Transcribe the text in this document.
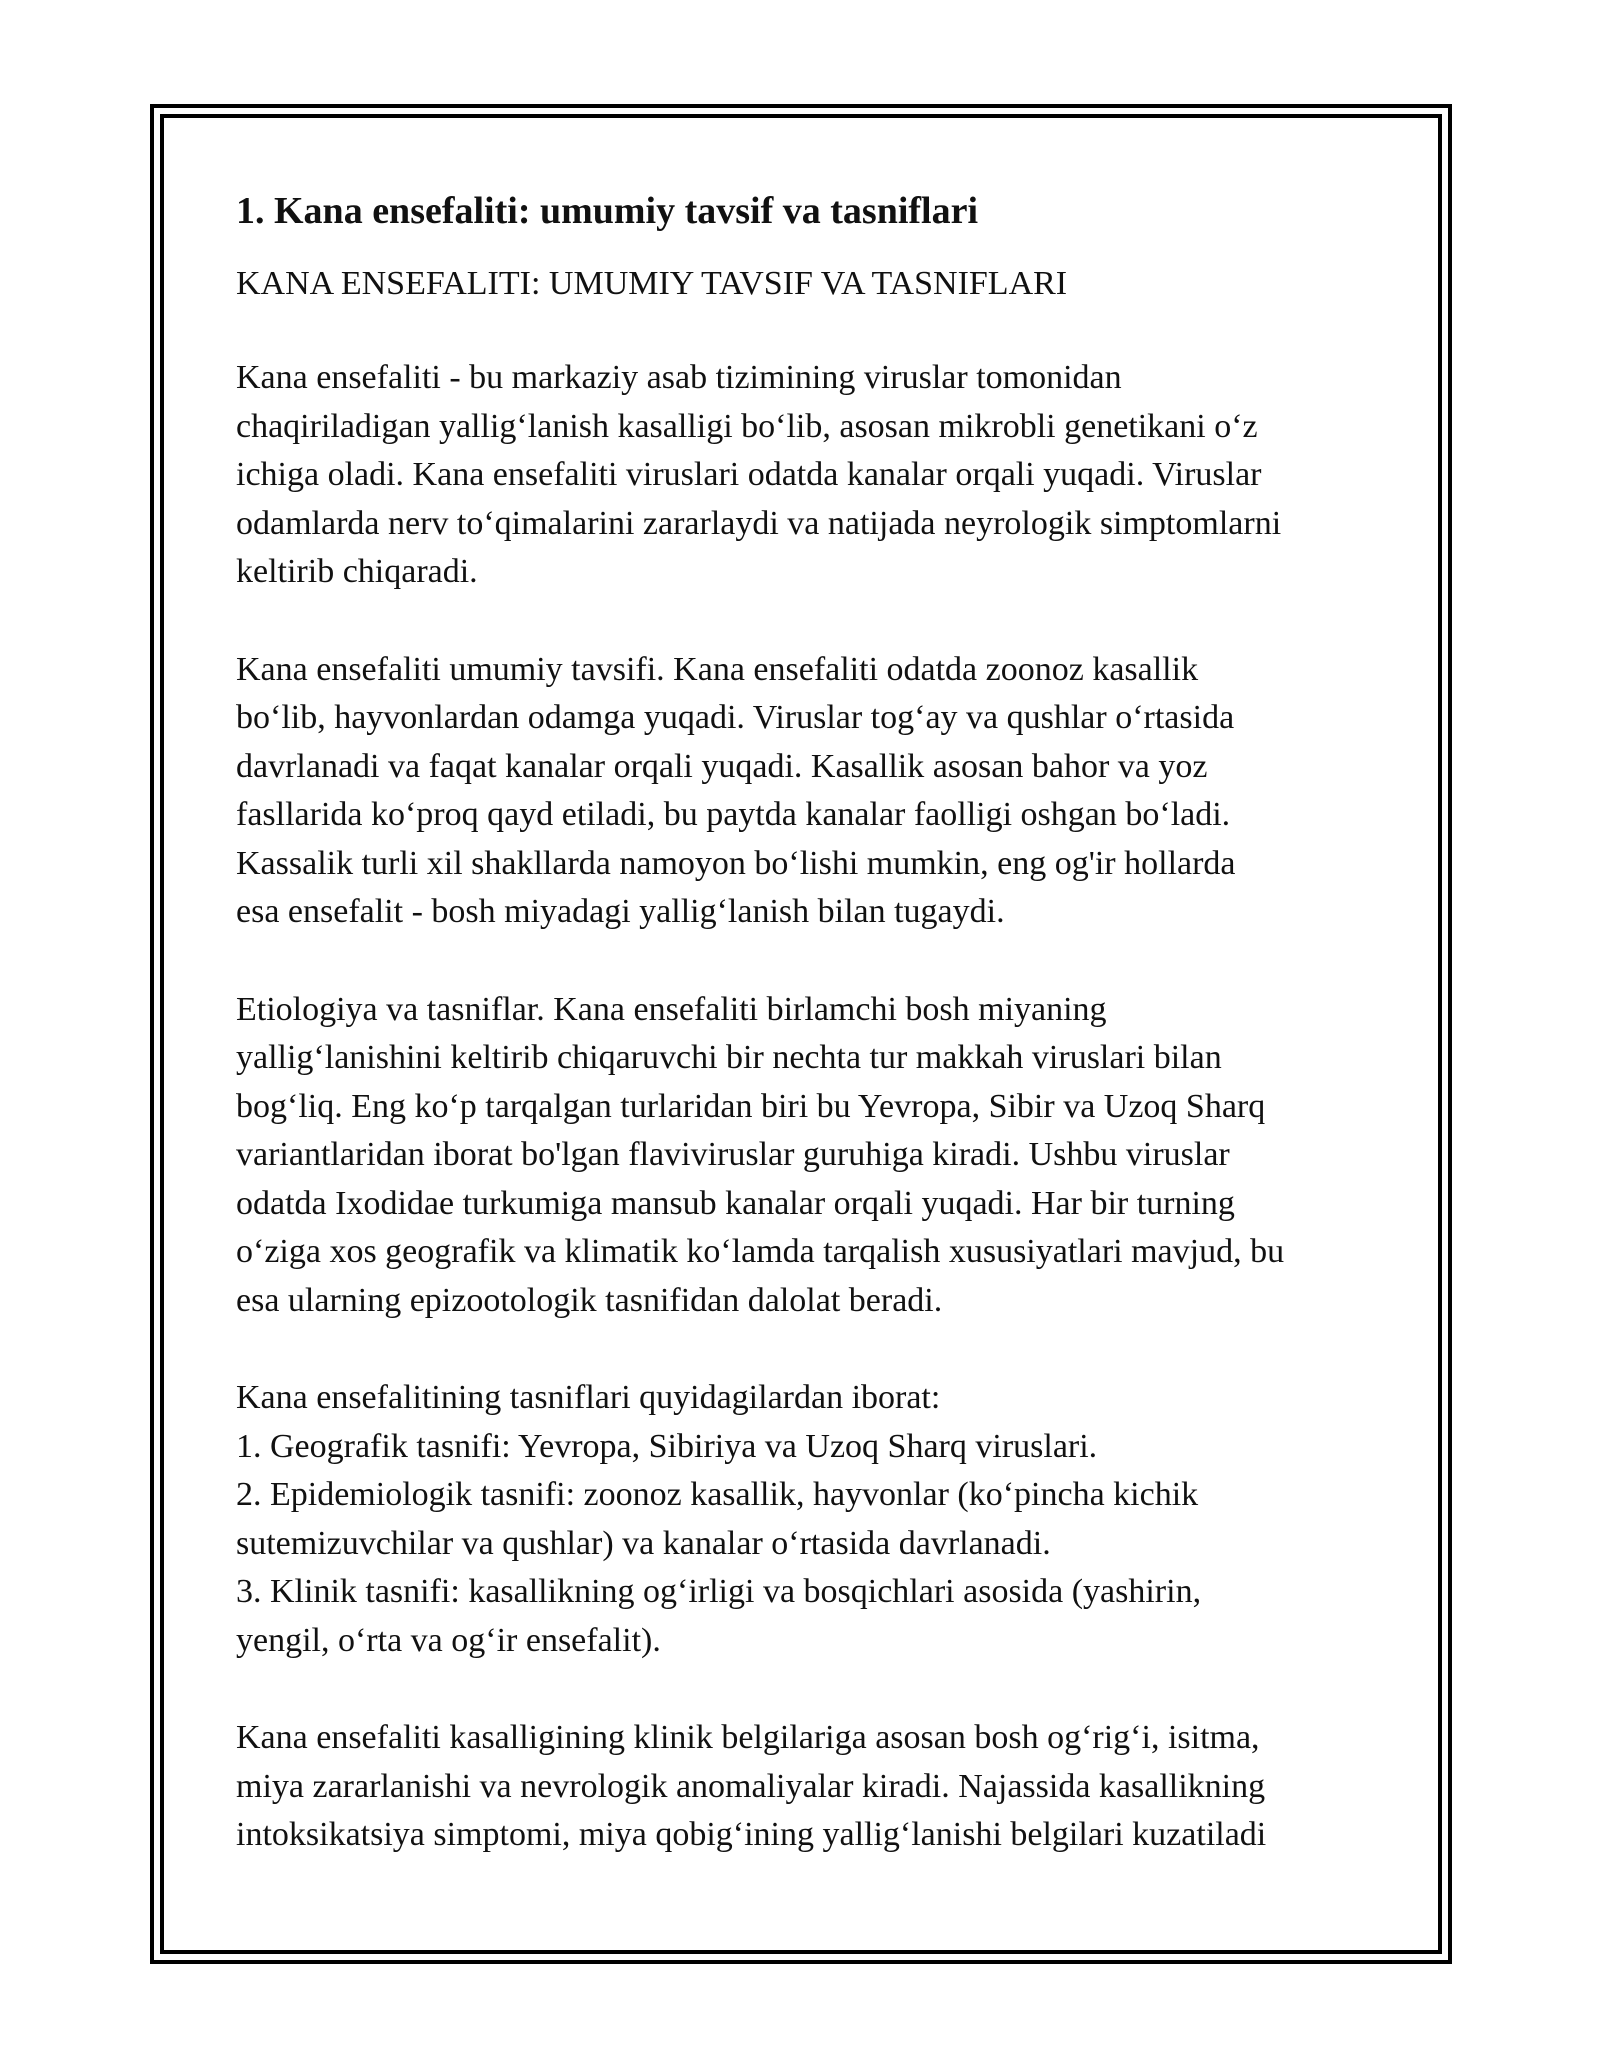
1. Kana ensefaliti: umumiy tavsif va tasniflari
KANA ENSEFALITI: UMUMIY TAVSIF VA TASNIFLARI

Kana ensefaliti - bu markaziy asab tizimining viruslar tomonidan
chaqiriladigan yallig‘lanish kasalligi bo‘lib, asosan mikrobli genetikani o‘z
ichiga oladi. Kana ensefaliti viruslari odatda kanalar orqali yuqadi. Viruslar
odamlarda nerv to‘qimalarini zararlaydi va natijada neyrologik simptomlarni
keltirib chiqaradi.

Kana ensefaliti umumiy tavsifi. Kana ensefaliti odatda zoonoz kasallik
bo‘lib, hayvonlardan odamga yuqadi. Viruslar tog‘ay va qushlar o‘rtasida
davrlanadi va faqat kanalar orqali yuqadi. Kasallik asosan bahor va yoz
fasllarida ko‘proq qayd etiladi, bu paytda kanalar faolligi oshgan bo‘ladi.
Kassalik turli xil shakllarda namoyon bo‘lishi mumkin, eng og'ir hollarda
esa ensefalit - bosh miyadagi yallig‘lanish bilan tugaydi.

Etiologiya va tasniflar. Kana ensefaliti birlamchi bosh miyaning
yallig‘lanishini keltirib chiqaruvchi bir nechta tur makkah viruslari bilan
bog‘liq. Eng ko‘p tarqalgan turlaridan biri bu Yevropa, Sibir va Uzoq Sharq
variantlaridan iborat bo'lgan flaviviruslar guruhiga kiradi. Ushbu viruslar
odatda Ixodidae turkumiga mansub kanalar orqali yuqadi. Har bir turning
o‘ziga xos geografik va klimatik ko‘lamda tarqalish xususiyatlari mavjud, bu
esa ularning epizootologik tasnifidan dalolat beradi.

Kana ensefalitining tasniflari quyidagilardan iborat:
1. Geografik tasnifi: Yevropa, Sibiriya va Uzoq Sharq viruslari.
2. Epidemiologik tasnifi: zoonoz kasallik, hayvonlar (ko‘pincha kichik
sutemizuvchilar va qushlar) va kanalar o‘rtasida davrlanadi.
3. Klinik tasnifi: kasallikning og‘irligi va bosqichlari asosida (yashirin,
yengil, o‘rta va og‘ir ensefalit).

Kana ensefaliti kasalligining klinik belgilariga asosan bosh og‘rig‘i, isitma,
miya zararlanishi va nevrologik anomaliyalar kiradi. Najassida kasallikning
intoksikatsiya simptomi, miya qobig‘ining yallig‘lanishi belgilari kuzatiladi
